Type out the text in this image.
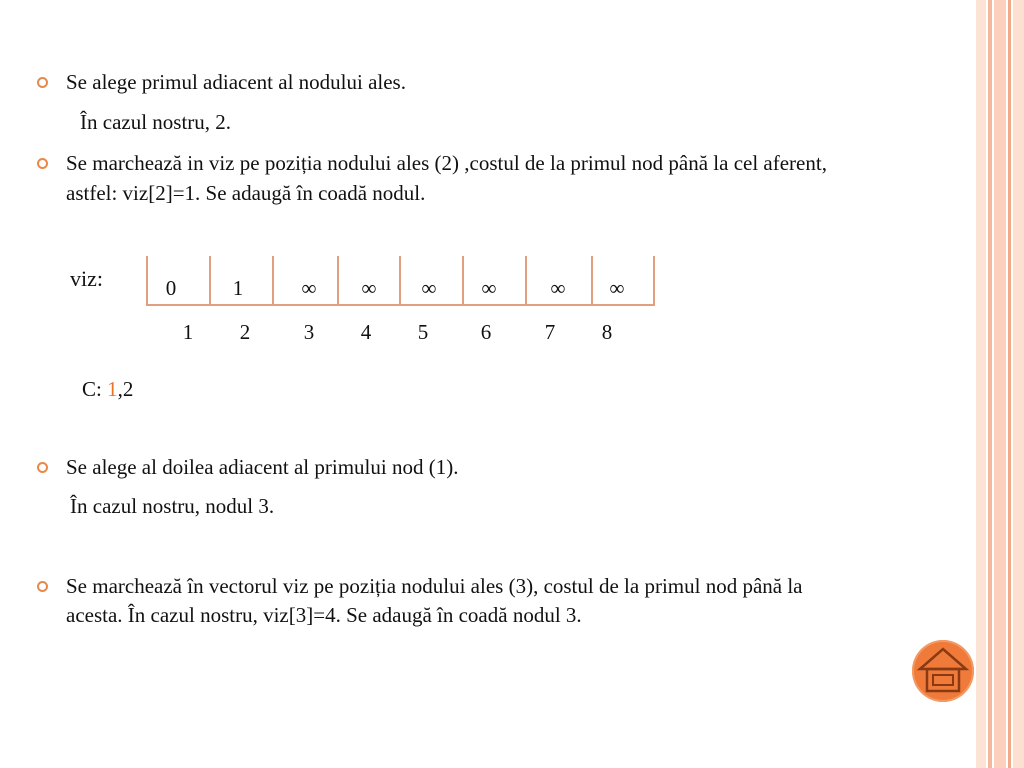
Se alege primul adiacent al nodului ales.
În cazul nostru, 2.
Se marchează in viz pe poziția nodului ales (2) ,costul de la primul nod până la cel aferent,
astfel: viz[2]=1. Se adaugă în coadă nodul.
viz:	0	1	∞	∞	∞	∞	∞	∞
1	2	3	4	5	6	7	8
C: 1,2
Se alege al doilea adiacent al primului nod (1).
În cazul nostru, nodul 3.
Se marchează în vectorul viz pe poziția nodului ales (3), costul de la primul nod până la
acesta. În cazul nostru, viz[3]=4. Se adaugă în coadă nodul 3.
